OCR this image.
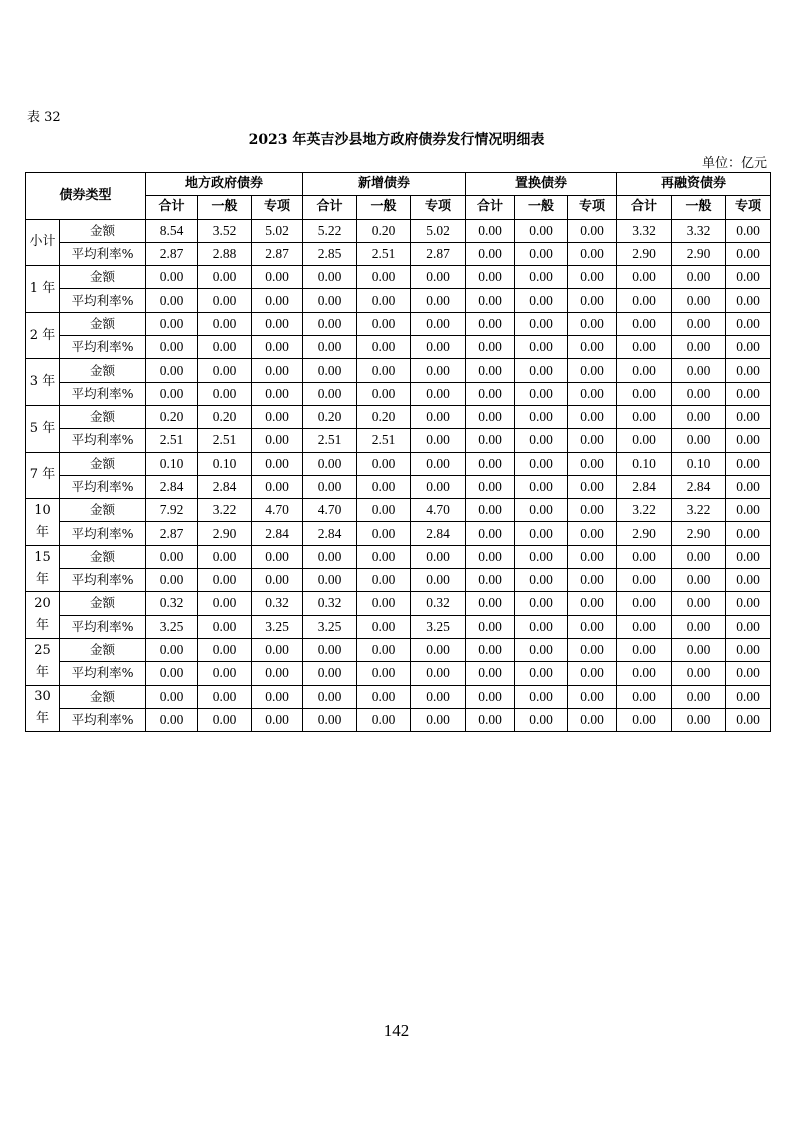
表 32
2023 年英吉沙县地方政府债券发行情况明细表
单位：亿元
债券类型		地方政府债券			新增债券			置换债券			再融资债券		
		合计	一般	专项	合计	一般	专项	合计	一般	专项	合计	一般	专项
小计	金额	8.54	3.52	5.02	5.22	0.20	5.02	0.00	0.00	0.00	3.32	3.32	0.00
	平均利率%	2.87	2.88	2.87	2.85	2.51	2.87	0.00	0.00	0.00	2.90	2.90	0.00
1 年	金额	0.00	0.00	0.00	0.00	0.00	0.00	0.00	0.00	0.00	0.00	0.00	0.00
	平均利率%	0.00	0.00	0.00	0.00	0.00	0.00	0.00	0.00	0.00	0.00	0.00	0.00
2 年	金额	0.00	0.00	0.00	0.00	0.00	0.00	0.00	0.00	0.00	0.00	0.00	0.00
	平均利率%	0.00	0.00	0.00	0.00	0.00	0.00	0.00	0.00	0.00	0.00	0.00	0.00
3 年	金额	0.00	0.00	0.00	0.00	0.00	0.00	0.00	0.00	0.00	0.00	0.00	0.00
	平均利率%	0.00	0.00	0.00	0.00	0.00	0.00	0.00	0.00	0.00	0.00	0.00	0.00
5 年	金额	0.20	0.20	0.00	0.20	0.20	0.00	0.00	0.00	0.00	0.00	0.00	0.00
	平均利率%	2.51	2.51	0.00	2.51	2.51	0.00	0.00	0.00	0.00	0.00	0.00	0.00
7 年	金额	0.10	0.10	0.00	0.00	0.00	0.00	0.00	0.00	0.00	0.10	0.10	0.00
	平均利率%	2.84	2.84	0.00	0.00	0.00	0.00	0.00	0.00	0.00	2.84	2.84	0.00
10 年	金额	7.92	3.22	4.70	4.70	0.00	4.70	0.00	0.00	0.00	3.22	3.22	0.00
	平均利率%	2.87	2.90	2.84	2.84	0.00	2.84	0.00	0.00	0.00	2.90	2.90	0.00
15 年	金额	0.00	0.00	0.00	0.00	0.00	0.00	0.00	0.00	0.00	0.00	0.00	0.00
	平均利率%	0.00	0.00	0.00	0.00	0.00	0.00	0.00	0.00	0.00	0.00	0.00	0.00
20 年	金额	0.32	0.00	0.32	0.32	0.00	0.32	0.00	0.00	0.00	0.00	0.00	0.00
	平均利率%	3.25	0.00	3.25	3.25	0.00	3.25	0.00	0.00	0.00	0.00	0.00	0.00
25 年	金额	0.00	0.00	0.00	0.00	0.00	0.00	0.00	0.00	0.00	0.00	0.00	0.00
	平均利率%	0.00	0.00	0.00	0.00	0.00	0.00	0.00	0.00	0.00	0.00	0.00	0.00
30 年	金额	0.00	0.00	0.00	0.00	0.00	0.00	0.00	0.00	0.00	0.00	0.00	0.00
	平均利率%	0.00	0.00	0.00	0.00	0.00	0.00	0.00	0.00	0.00	0.00	0.00	0.00
142
